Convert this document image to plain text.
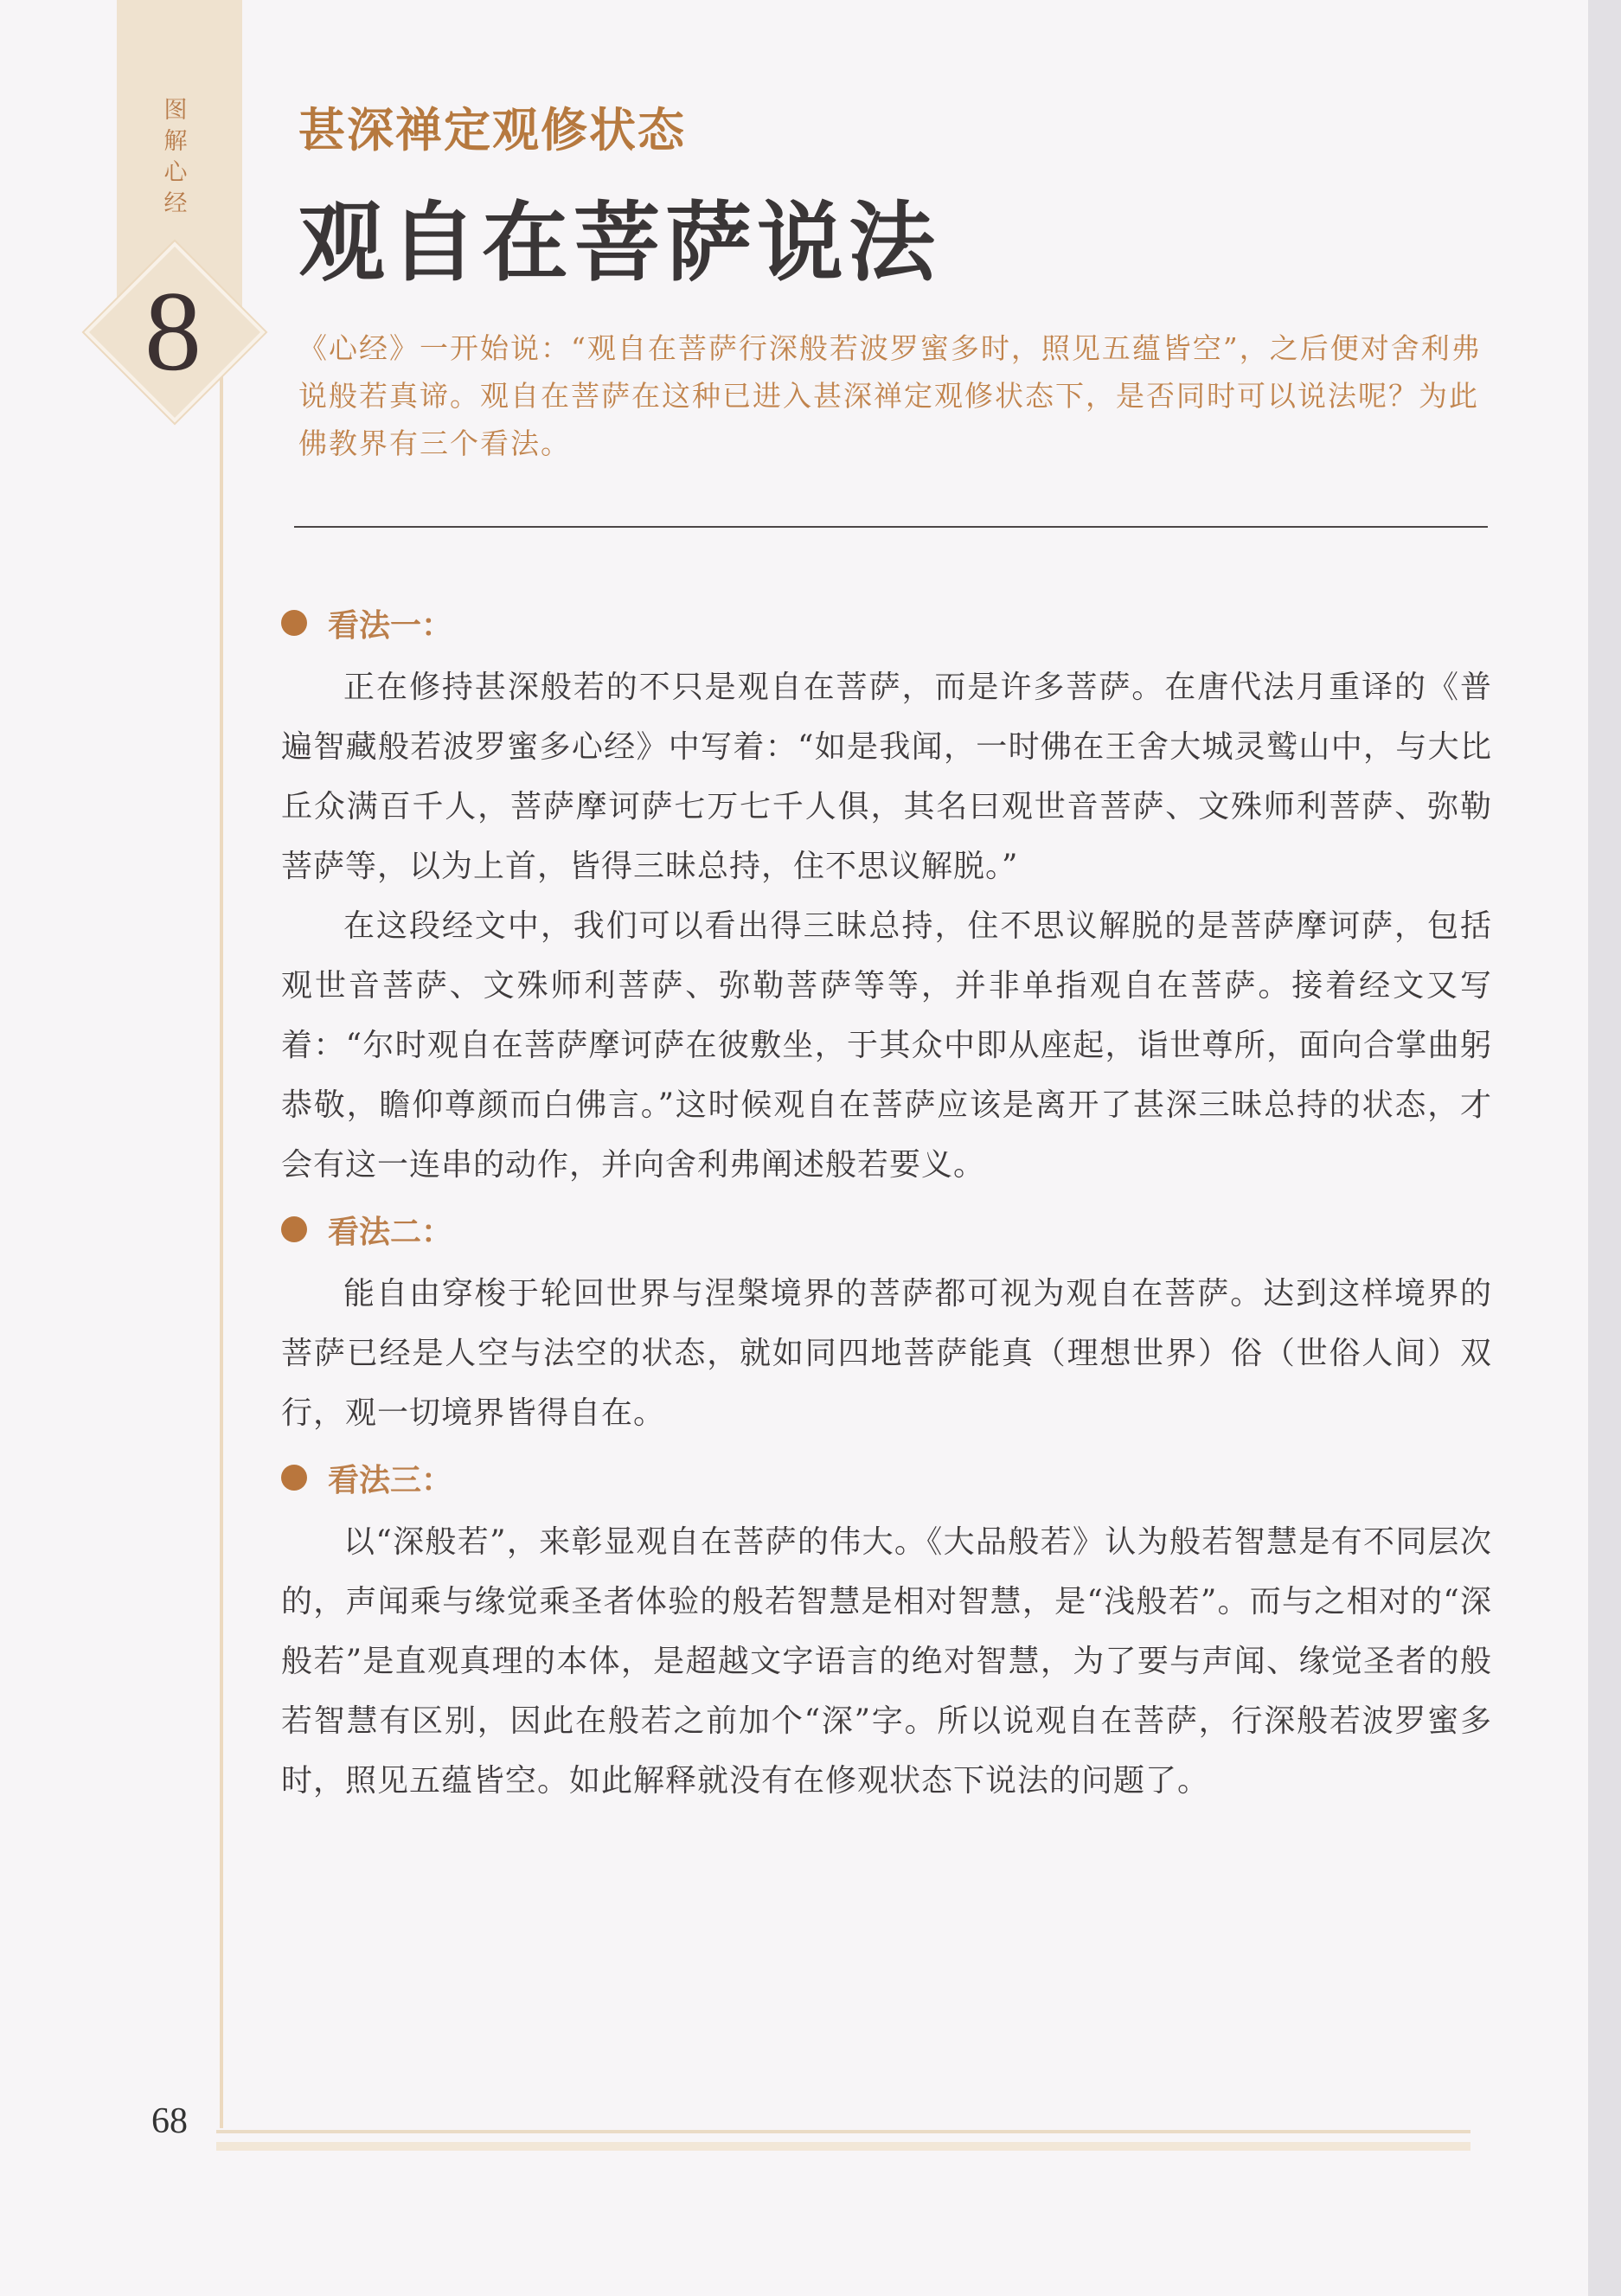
图解心经
8
甚深禅定观修状态
观自在菩萨说法
《心经》一开始说：“观自在菩萨行深般若波罗蜜多时，照见五蕴皆空”，之后便对舍利弗说般若真谛。观自在菩萨在这种已进入甚深禅定观修状态下，是否同时可以说法呢？为此佛教界有三个看法。
看法一：

正在修持甚深般若的不只是观自在菩萨，而是许多菩萨。在唐代法月重译的《普遍智藏般若波罗蜜多心经》中写着：“如是我闻，一时佛在王舍大城灵鹫山中，与大比丘众满百千人，菩萨摩诃萨七万七千人俱，其名曰观世音菩萨、文殊师利菩萨、弥勒菩萨等，以为上首，皆得三昧总持，住不思议解脱。”

在这段经文中，我们可以看出得三昧总持，住不思议解脱的是菩萨摩诃萨，包括观世音菩萨、文殊师利菩萨、弥勒菩萨等等，并非单指观自在菩萨。接着经文又写着：“尔时观自在菩萨摩诃萨在彼敷坐，于其众中即从座起，诣世尊所，面向合掌曲躬恭敬，瞻仰尊颜而白佛言。”这时候观自在菩萨应该是离开了甚深三昧总持的状态，才会有这一连串的动作，并向舍利弗阐述般若要义。

看法二：

能自由穿梭于轮回世界与涅槃境界的菩萨都可视为观自在菩萨。达到这样境界的菩萨已经是人空与法空的状态，就如同四地菩萨能真（理想世界）俗（世俗人间）双行，观一切境界皆得自在。

看法三：

以“深般若”，来彰显观自在菩萨的伟大。《大品般若》认为般若智慧是有不同层次的，声闻乘与缘觉乘圣者体验的般若智慧是相对智慧，是“浅般若”。而与之相对的“深般若”是直观真理的本体，是超越文字语言的绝对智慧，为了要与声闻、缘觉圣者的般若智慧有区别，因此在般若之前加个“深”字。所以说观自在菩萨，行深般若波罗蜜多时，照见五蕴皆空。如此解释就没有在修观状态下说法的问题了。

68
